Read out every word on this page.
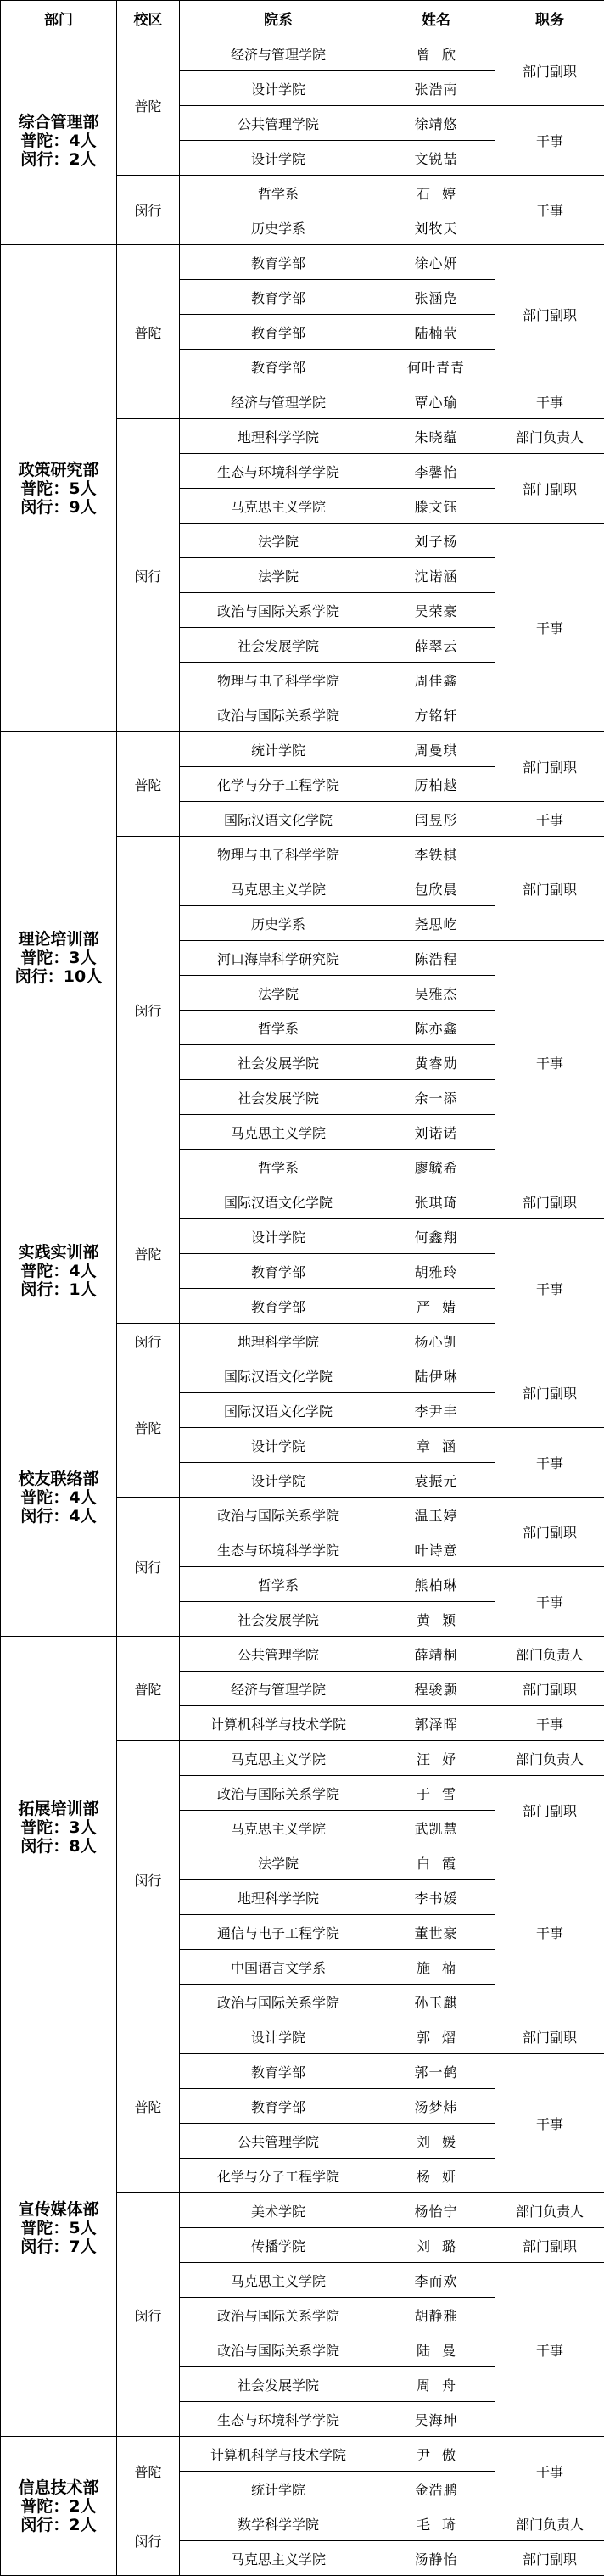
部门	校区	院系	姓名	职务

综合管理部
普陀：4人
闵行：2人	普陀	经济与管理学院	曾欣	部门副职
		设计学院	张浩南	
		公共管理学院	徐靖悠	干事
		设计学院	文锐喆	
	闵行	哲学系	石婷	干事
		历史学系	刘牧天	

政策研究部
普陀：5人
闵行：9人	普陀	教育学部	徐心妍	部门副职
		教育学部	张涵凫	
		教育学部	陆楠茕	
		教育学部	何叶青青	
		经济与管理学院	覃心瑜	干事
	闵行	地理科学学院	朱晓蕴	部门负责人
		生态与环境科学学院	李馨怡	部门副职
		马克思主义学院	滕文钰	
		法学院	刘子杨	干事
		法学院	沈诺涵	
		政治与国际关系学院	吴荣豪	
		社会发展学院	薛翠云	
		物理与电子科学学院	周佳鑫	
		政治与国际关系学院	方铭轩	

理论培训部
普陀：3人
闵行：10人	普陀	统计学院	周曼琪	部门副职
		化学与分子工程学院	厉柏越	
		国际汉语文化学院	闫昱彤	干事
	闵行	物理与电子科学学院	李铁棋	部门副职
		马克思主义学院	包欣晨	
		历史学系	尧思屹	
		河口海岸科学研究院	陈浩程	干事
		法学院	吴雅杰	
		哲学系	陈亦鑫	
		社会发展学院	黄睿勋	
		社会发展学院	余一添	
		马克思主义学院	刘诺诺	
		哲学系	廖毓希	

实践实训部
普陀：4人
闵行：1人	普陀	国际汉语文化学院	张琪琦	部门副职
		设计学院	何鑫翔	干事
		教育学部	胡雅玲	
		教育学部	严婧	
	闵行	地理科学学院	杨心凯	

校友联络部
普陀：4人
闵行：4人	普陀	国际汉语文化学院	陆伊琳	部门副职
		国际汉语文化学院	李尹丰	
		设计学院	章涵	干事
		设计学院	袁振元	
	闵行	政治与国际关系学院	温玉婷	部门副职
		生态与环境科学学院	叶诗意	
		哲学系	熊柏琳	干事
		社会发展学院	黄颖	

拓展培训部
普陀：3人
闵行：8人	普陀	公共管理学院	薛靖桐	部门负责人
		经济与管理学院	程骏颢	部门副职
		计算机科学与技术学院	郭泽晖	干事
	闵行	马克思主义学院	汪妤	部门负责人
		政治与国际关系学院	于雪	部门副职
		马克思主义学院	武凯慧	
		法学院	白霞	干事
		地理科学学院	李书媛	
		通信与电子工程学院	董世豪	
		中国语言文学系	施楠	
		政治与国际关系学院	孙玉麒	

宣传媒体部
普陀：5人
闵行：7人	普陀	设计学院	郭熠	部门副职
		教育学部	郭一鹤	干事
		教育学部	汤梦炜	
		公共管理学院	刘媛	
		化学与分子工程学院	杨妍	
	闵行	美术学院	杨怡宁	部门负责人
		传播学院	刘璐	部门副职
		马克思主义学院	李而欢	干事
		政治与国际关系学院	胡静雅	
		政治与国际关系学院	陆曼	
		社会发展学院	周舟	
		生态与环境科学学院	吴海坤	

信息技术部
普陀：2人
闵行：2人	普陀	计算机科学与技术学院	尹傲	干事
		统计学院	金浩鹏	
	闵行	数学科学学院	毛琦	部门负责人
		马克思主义学院	汤静怡	部门副职
